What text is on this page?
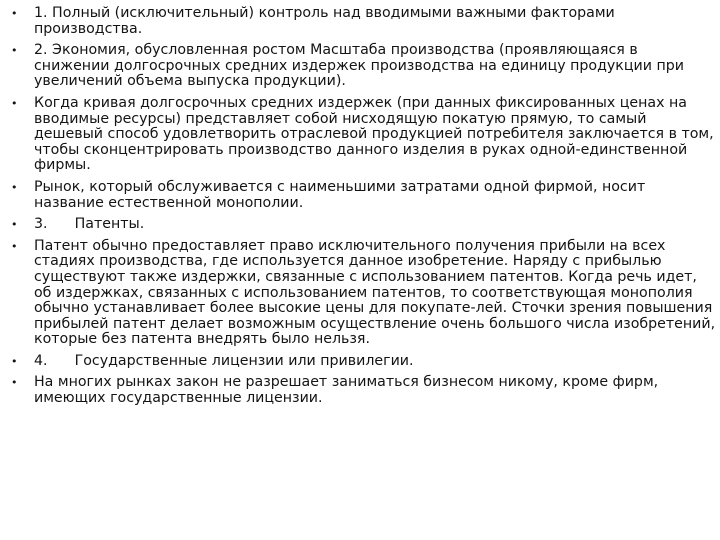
• 1. Полный (исключительный) контроль над вводимыми важными факторами производства.
• 2. Экономия, обусловленная ростом Масштаба производства (проявляющаяся в снижении долгосрочных средних издержек производства на единицу продукции при увеличений объема выпуска продукции).
• Когда кривая долгосрочных средних издержек (при данных фиксированных ценах на вводимые ресурсы) представляет собой нисходящую покатую прямую, то самый дешевый способ удовлетворить отраслевой продукцией потребителя заключается в том, чтобы сконцентрировать производство данного изделия в руках одной-единственной фирмы.
• Рынок, который обслуживается с наименьшими затратами одной фирмой, носит название естественной монополии.
• 3.      Патенты.
• Патент обычно предоставляет право исключительного получения прибыли на всех стадиях производства, где используется данное изобретение. Наряду с прибылью существуют также издержки, связанные с использованием патентов. Когда речь идет, об издержках, связанных с использованием патентов, то соответствующая монополия обычно устанавливает более высокие цены для покупате-лей. Сточки зрения повышения прибылей патент делает возможным осуществление очень большого числа изобретений, которые без патента внедрять было нельзя.
• 4.      Государственные лицензии или привилегии.
• На многих рынках закон не разрешает заниматься бизнесом никому, кроме фирм, имеющих государственные лицензии.
